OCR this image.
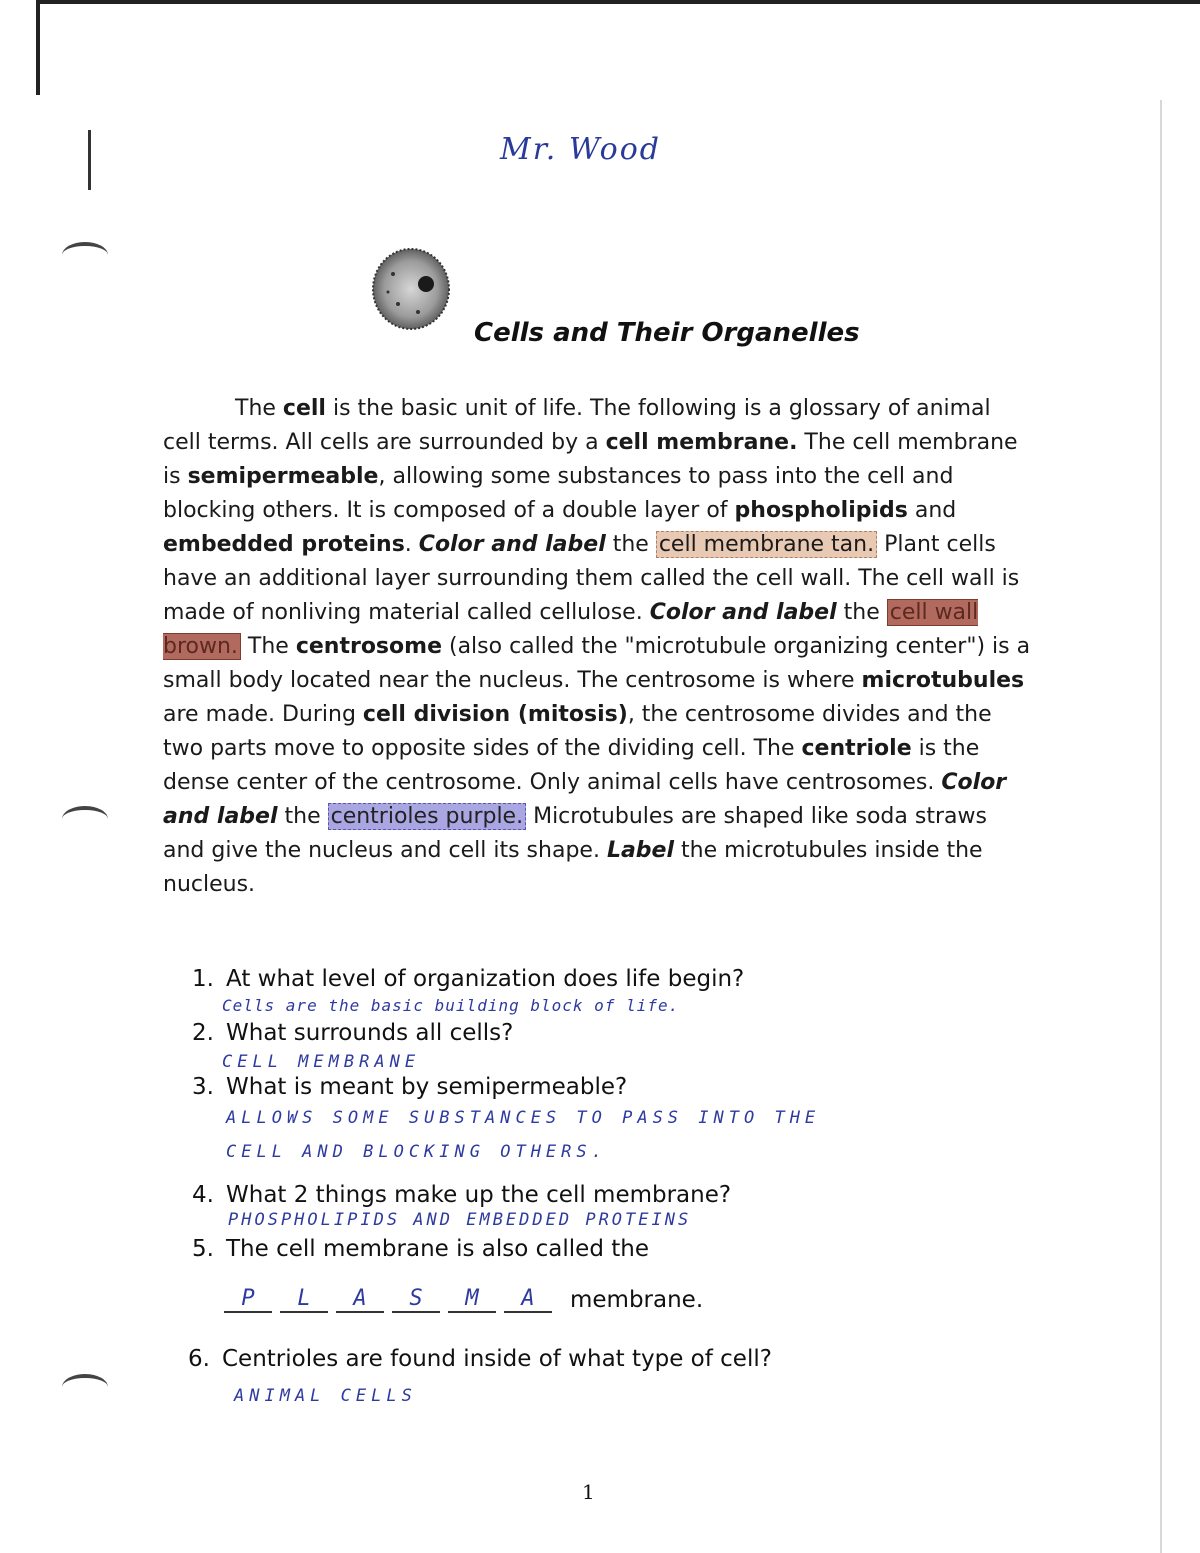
Mr. Wood
Cells and Their Organelles
The cell is the basic unit of life. The following is a glossary of animal cell terms. All cells are surrounded by a cell membrane. The cell membrane is semipermeable, allowing some substances to pass into the cell and blocking others. It is composed of a double layer of phospholipids and embedded proteins. Color and label the cell membrane tan. Plant cells have an additional layer surrounding them called the cell wall. The cell wall is made of nonliving material called cellulose. Color and label the cell wall brown. The centrosome (also called the "microtubule organizing center") is a small body located near the nucleus. The centrosome is where microtubules are made. During cell division (mitosis), the centrosome divides and the two parts move to opposite sides of the dividing cell. The centriole is the dense center of the centrosome. Only animal cells have centrosomes. Color and label the centrioles purple. Microtubules are shaped like soda straws and give the nucleus and cell its shape. Label the microtubules inside the nucleus.
1. At what level of organization does life begin?
Cells are the basic building block of life.
2. What surrounds all cells?
CELL MEMBRANE
3. What is meant by semipermeable?
ALLOWS SOME SUBSTANCES TO PASS INTO THE
CELL AND BLOCKING OTHERS.
4. What 2 things make up the cell membrane?
PHOSPHOLIPIDS AND EMBEDDED PROTEINS
5. The cell membrane is also called the
P	L	A	S	M	A	membrane.
6. Centrioles are found inside of what type of cell?
ANIMAL CELLS
1
